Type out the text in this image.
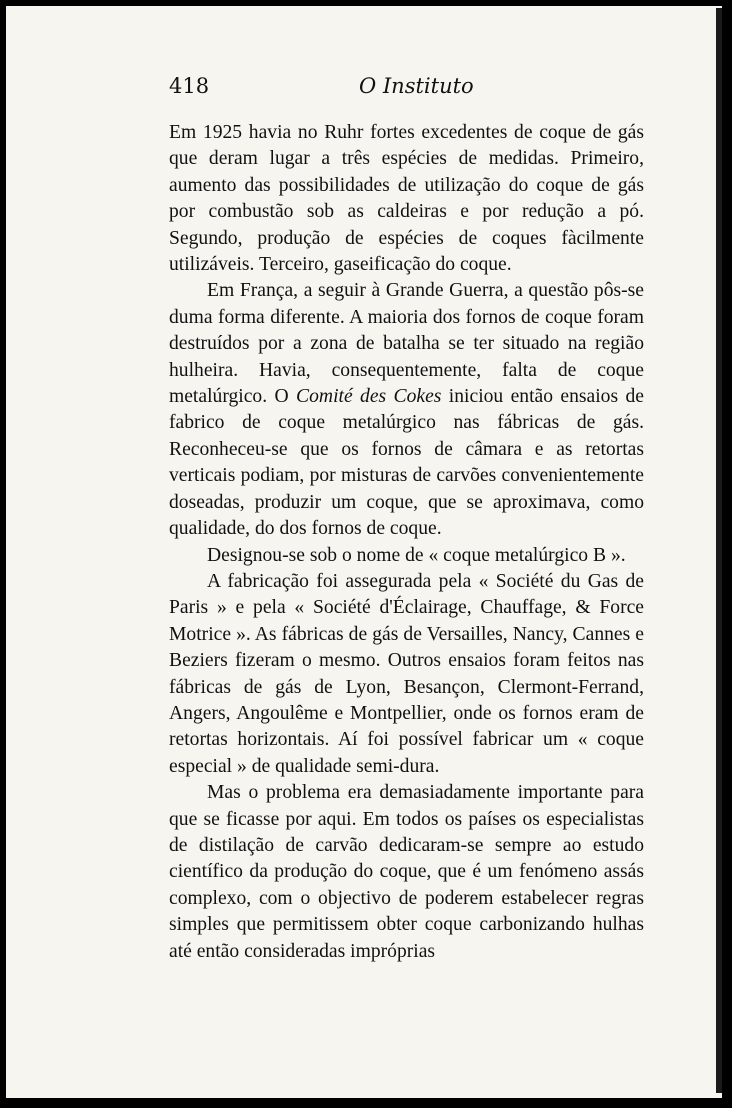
418	O Instituto

Em 1925 havia no Ruhr fortes excedentes de coque de gás que deram lugar a três espécies de medidas. Primeiro, aumento das possibilidades de utilização do coque de gás por combustão sob as caldeiras e por redução a pó. Segundo, produção de espécies de coques fàcilmente utilizáveis. Terceiro, gaseificação do coque.

Em França, a seguir à Grande Guerra, a questão pôs-se duma forma diferente. A maioria dos fornos de coque foram destruídos por a zona de batalha se ter situado na região hulheira. Havia, consequentemente, falta de coque metalúrgico. O Comité des Cokes iniciou então ensaios de fabrico de coque metalúrgico nas fábricas de gás. Reconheceu-se que os fornos de câmara e as retortas verticais podiam, por misturas de carvões convenientemente doseadas, produzir um coque, que se aproximava, como qualidade, do dos fornos de coque.

Designou-se sob o nome de « coque metalúrgico B ».

A fabricação foi assegurada pela « Société du Gas de Paris » e pela « Société d'Éclairage, Chauffage, & Force Motrice ». As fábricas de gás de Versailles, Nancy, Cannes e Beziers fizeram o mesmo. Outros ensaios foram feitos nas fábricas de gás de Lyon, Besançon, Clermont-Ferrand, Angers, Angoulême e Montpellier, onde os fornos eram de retortas horizontais. Aí foi possível fabricar um « coque especial » de qualidade semi-dura.

Mas o problema era demasiadamente importante para que se ficasse por aqui. Em todos os países os especialistas de distilação de carvão dedicaram-se sempre ao estudo científico da produção do coque, que é um fenómeno assás complexo, com o objectivo de poderem estabelecer regras simples que permitissem obter coque carbonizando hulhas até então consideradas impróprias
